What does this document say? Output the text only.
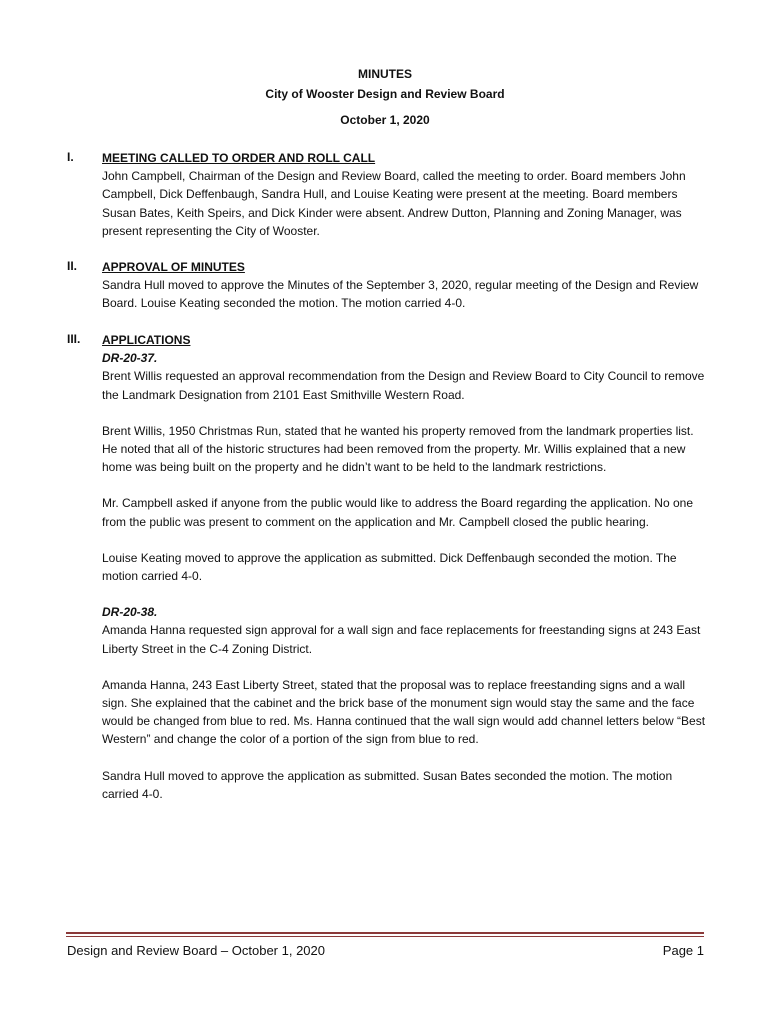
MINUTES
City of Wooster Design and Review Board
October 1, 2020
I. MEETING CALLED TO ORDER AND ROLL CALL

John Campbell, Chairman of the Design and Review Board, called the meeting to order. Board members John Campbell, Dick Deffenbaugh, Sandra Hull, and Louise Keating were present at the meeting. Board members Susan Bates, Keith Speirs, and Dick Kinder were absent. Andrew Dutton, Planning and Zoning Manager, was present representing the City of Wooster.

II. APPROVAL OF MINUTES

Sandra Hull moved to approve the Minutes of the September 3, 2020, regular meeting of the Design and Review Board. Louise Keating seconded the motion. The motion carried 4-0.

III. APPLICATIONS

DR-20-37.

Brent Willis requested an approval recommendation from the Design and Review Board to City Council to remove the Landmark Designation from 2101 East Smithville Western Road.

Brent Willis, 1950 Christmas Run, stated that he wanted his property removed from the landmark properties list. He noted that all of the historic structures had been removed from the property. Mr. Willis explained that a new home was being built on the property and he didn’t want to be held to the landmark restrictions.

Mr. Campbell asked if anyone from the public would like to address the Board regarding the application. No one from the public was present to comment on the application and Mr. Campbell closed the public hearing.

Louise Keating moved to approve the application as submitted. Dick Deffenbaugh seconded the motion. The motion carried 4-0.

DR-20-38.

Amanda Hanna requested sign approval for a wall sign and face replacements for freestanding signs at 243 East Liberty Street in the C-4 Zoning District.

Amanda Hanna, 243 East Liberty Street, stated that the proposal was to replace freestanding signs and a wall sign. She explained that the cabinet and the brick base of the monument sign would stay the same and the face would be changed from blue to red. Ms. Hanna continued that the wall sign would add channel letters below “Best Western” and change the color of a portion of the sign from blue to red.

Sandra Hull moved to approve the application as submitted. Susan Bates seconded the motion. The motion carried 4-0.

Design and Review Board – October 1, 2020	Page 1
